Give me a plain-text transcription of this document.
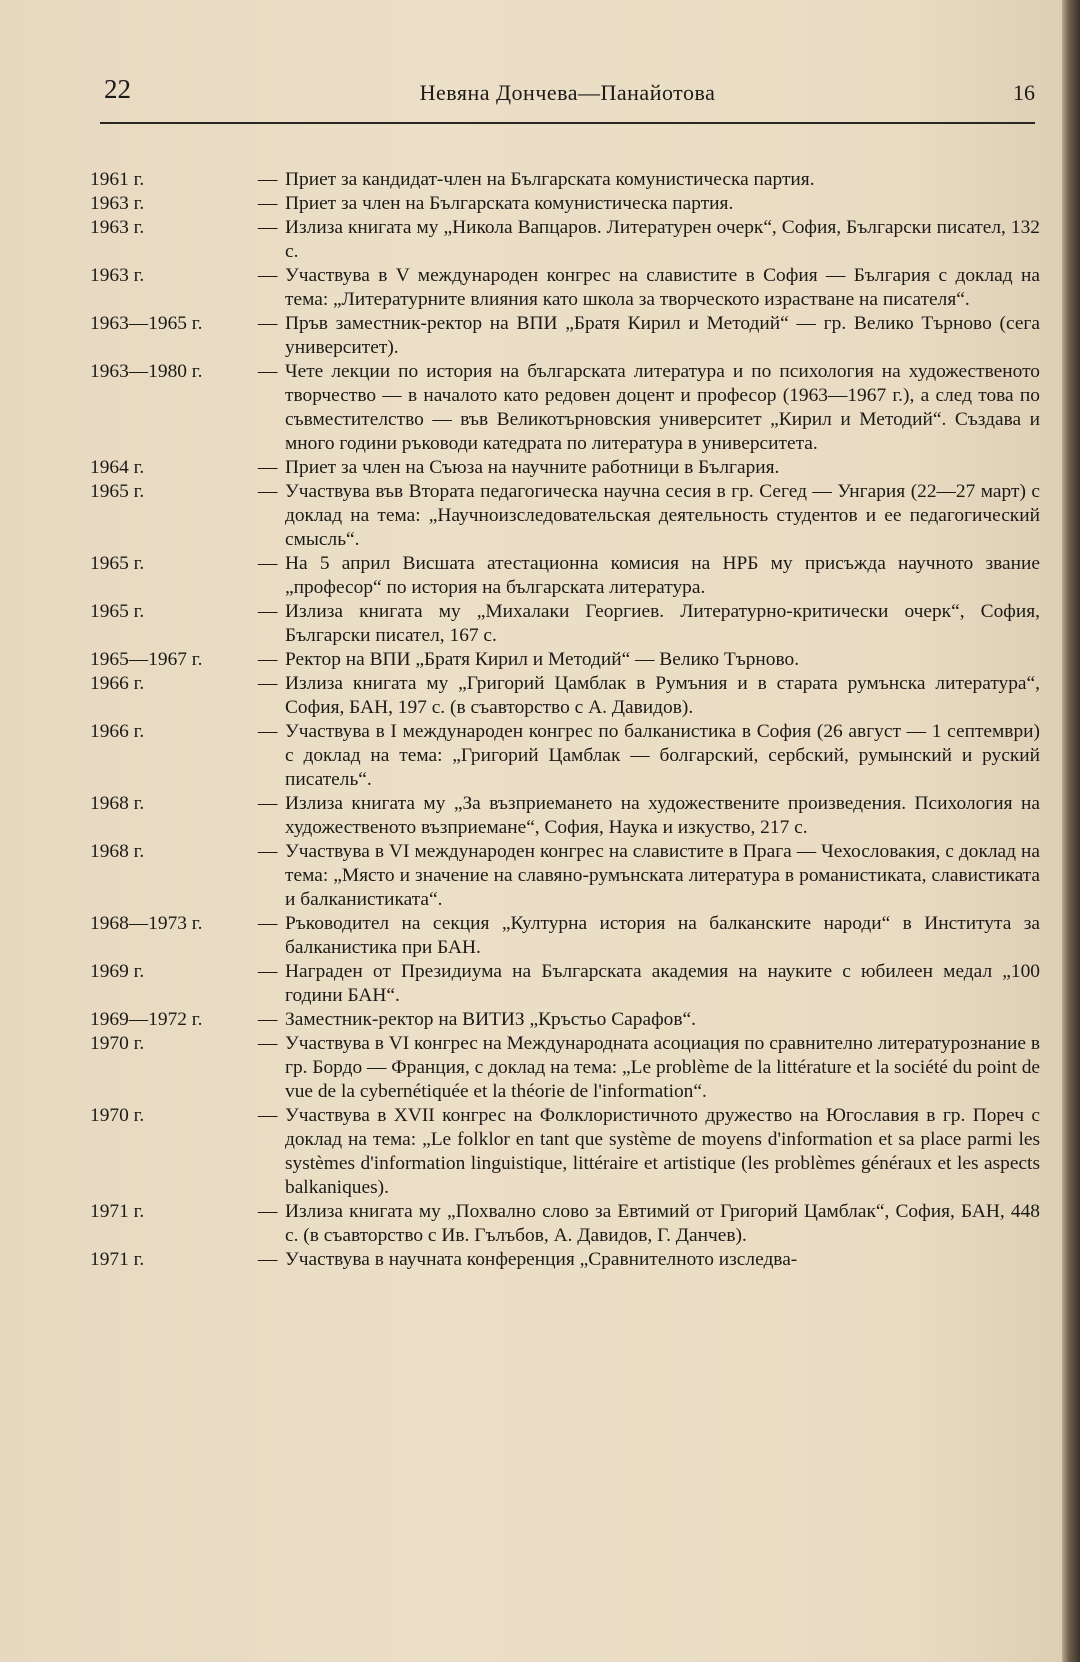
22	Невяна Дончева—Панайотова	16
1961 г.	— Приет за кандидат-член на Българската комунистическа партия.
1963 г.	— Приет за член на Българската комунистическа партия.
1963 г.	— Излиза книгата му „Никола Вапцаров. Литературен очерк“, София, Български писател, 132 с.
1963 г.	— Участвува в V международен конгрес на славистите в София — България с доклад на тема: „Литературните влияния като школа за творческото израстване на писателя“.
1963—1965 г.	— Пръв заместник-ректор на ВПИ „Братя Кирил и Методий“ — гр. Велико Търново (сега университет).
1963—1980 г.	— Чете лекции по история на българската литература и по психология на художественото творчество — в началото като редовен доцент и професор (1963—1967 г.), а след това по съвместителство — във Великотърновския университет „Кирил и Методий“. Създава и много години ръководи катедрата по литература в университета.
1964 г.	— Приет за член на Съюза на научните работници в България.
1965 г.	— Участвува във Втората педагогическа научна сесия в гр. Сегед — Унгария (22—27 март) с доклад на тема: „Научноизследовательская деятельность студентов и ее педагогический смысль“.
1965 г.	— На 5 април Висшата атестационна комисия на НРБ му присъжда научното звание „професор“ по история на българската литература.
1965 г.	— Излиза книгата му „Михалаки Георгиев. Литературно-критически очерк“, София, Български писател, 167 с.
1965—1967 г.	— Ректор на ВПИ „Братя Кирил и Методий“ — Велико Търново.
1966 г.	— Излиза книгата му „Григорий Цамблак в Румъния и в старата румънска литература“, София, БАН, 197 с. (в съавторство с А. Давидов).
1966 г.	— Участвува в I международен конгрес по балканистика в София (26 август — 1 септември) с доклад на тема: „Григорий Цамблак — болгарский, сербский, румынский и руский писатель“.
1968 г.	— Излиза книгата му „За възприемането на художествените произведения. Психология на художественото възприемане“, София, Наука и изкуство, 217 с.
1968 г.	— Участвува в VI международен конгрес на славистите в Прага — Чехословакия, с доклад на тема: „Място и значение на славяно-румънската литература в романистиката, славистиката и балканистиката“.
1968—1973 г.	— Ръководител на секция „Културна история на балканските народи“ в Института за балканистика при БАН.
1969 г.	— Награден от Президиума на Българската академия на науките с юбилеен медал „100 години БАН“.
1969—1972 г.	— Заместник-ректор на ВИТИЗ „Кръстьо Сарафов“.
1970 г.	— Участвува в VI конгрес на Международната асоциация по сравнително литературознание в гр. Бордо — Франция, с доклад на тема: „Le problème de la littérature et la société du point de vue de la cybernétiquée et la théorie de l'information“.
1970 г.	— Участвува в XVII конгрес на Фолклористичното дружество на Югославия в гр. Пореч с доклад на тема: „Le folklor en tant que système de moyens d'information et sa place parmi les systèmes d'information linguistique, littéraire et artistique (les problèmes généraux et les aspects balkaniques).
1971 г.	— Излиза книгата му „Похвално слово за Евтимий от Григорий Цамблак“, София, БАН, 448 с. (в съавторство с Ив. Гълъбов, А. Давидов, Г. Данчев).
1971 г.	— Участвува в научната конференция „Сравнителното изследва-
